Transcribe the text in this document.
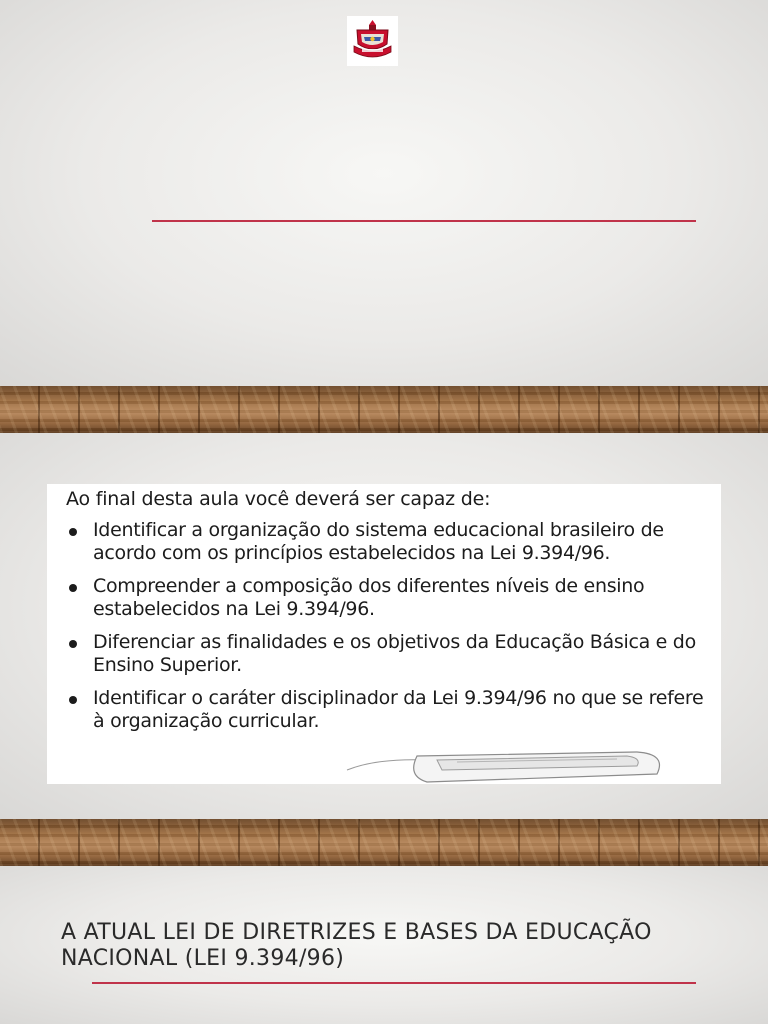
Ao final desta aula você deverá ser capaz de:
Identificar a organização do sistema educacional brasileiro de acordo com os princípios estabelecidos na Lei 9.394/96.
Compreender a composição dos diferentes níveis de ensino estabelecidos na Lei 9.394/96.
Diferenciar as finalidades e os objetivos da Educação Básica e do Ensino Superior.
Identificar o caráter disciplinador da Lei 9.394/96 no que se refere à organização curricular.
A ATUAL LEI DE DIRETRIZES E BASES DA EDUCAÇÃO NACIONAL (LEI 9.394/96)
